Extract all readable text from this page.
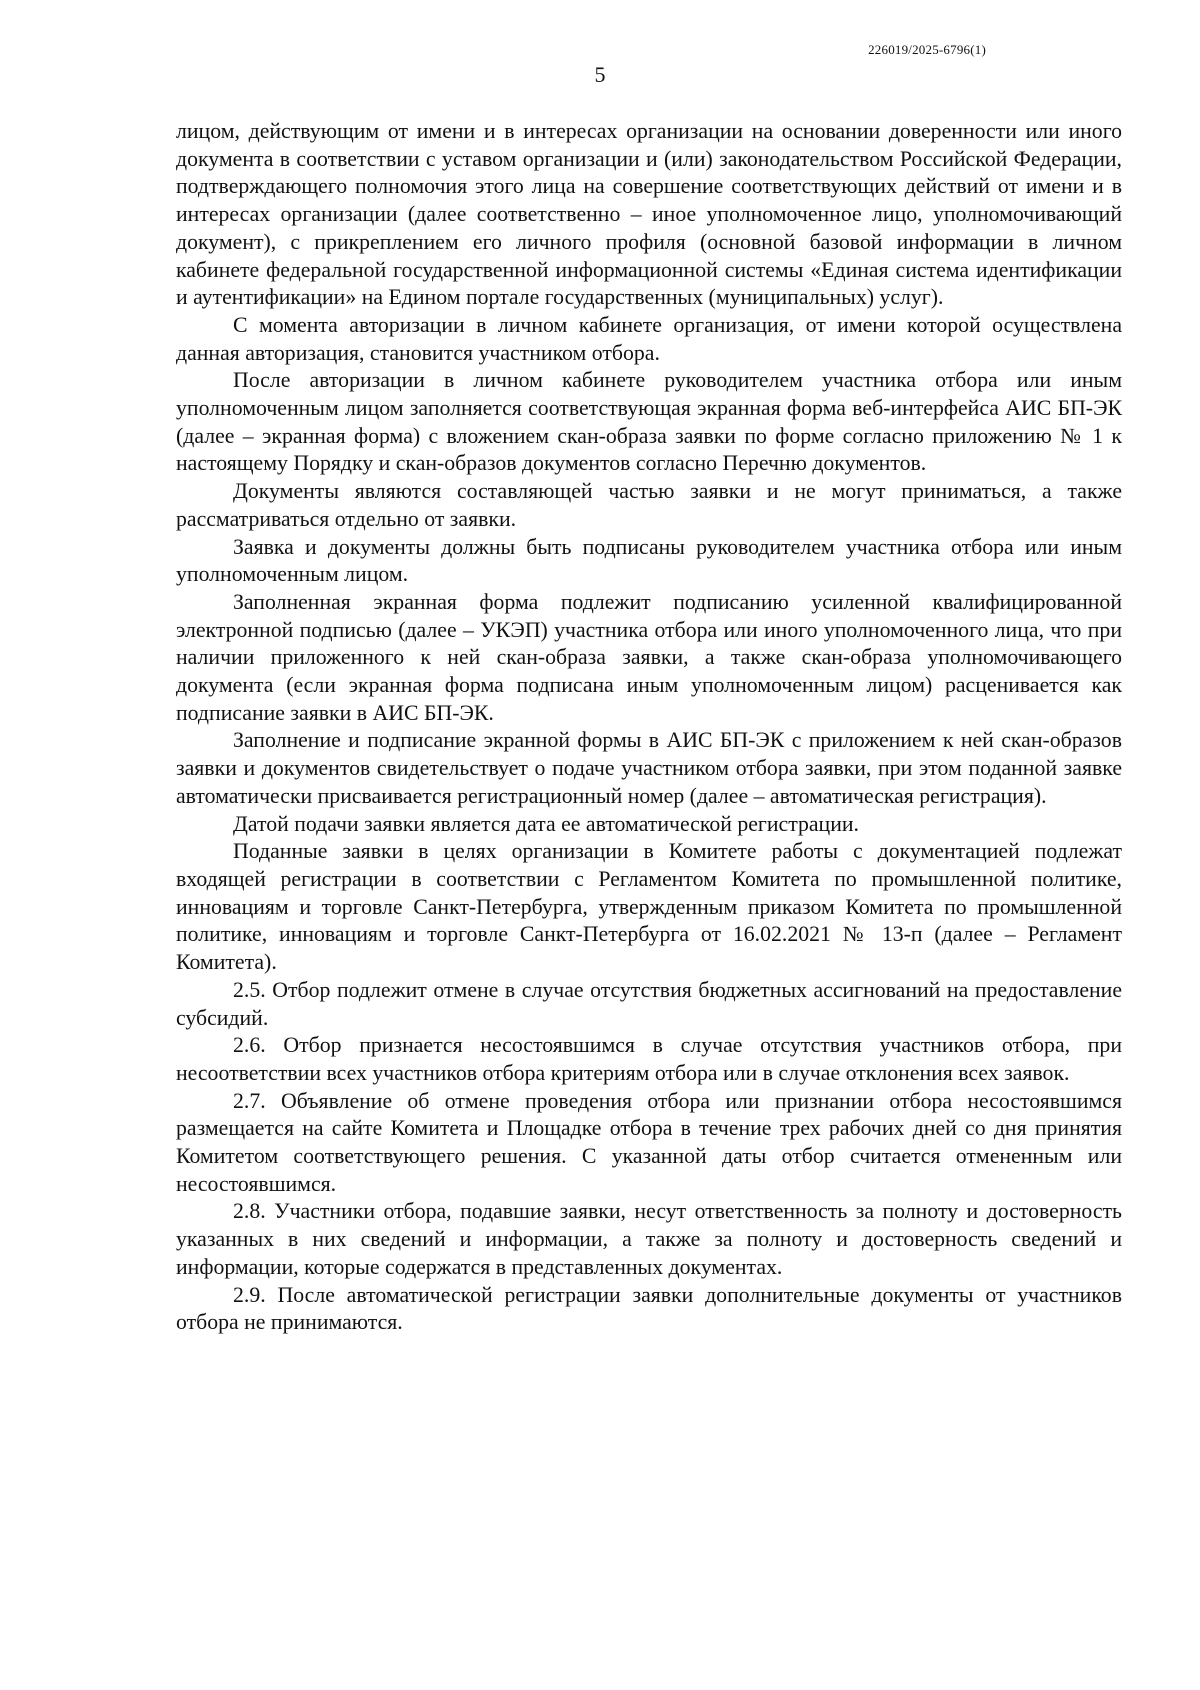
226019/2025-6796(1)
5

лицом, действующим от имени и в интересах организации на основании доверенности или иного документа в соответствии с уставом организации и (или) законодательством Российской Федерации, подтверждающего полномочия этого лица на совершение соответствующих действий от имени и в интересах организации (далее соответственно – иное уполномоченное лицо, уполномочивающий документ), с прикреплением его личного профиля (основной базовой информации в личном кабинете федеральной государственной информационной системы «Единая система идентификации и аутентификации» на Едином портале государственных (муниципальных) услуг).

С момента авторизации в личном кабинете организация, от имени которой осуществлена данная авторизация, становится участником отбора.

После авторизации в личном кабинете руководителем участника отбора или иным уполномоченным лицом заполняется соответствующая экранная форма веб-интерфейса АИС БП-ЭК (далее – экранная форма) с вложением скан-образа заявки по форме согласно приложению № 1 к настоящему Порядку и скан-образов документов согласно Перечню документов.

Документы являются составляющей частью заявки и не могут приниматься, а также рассматриваться отдельно от заявки.

Заявка и документы должны быть подписаны руководителем участника отбора или иным уполномоченным лицом.

Заполненная экранная форма подлежит подписанию усиленной квалифицированной электронной подписью (далее – УКЭП) участника отбора или иного уполномоченного лица, что при наличии приложенного к ней скан-образа заявки, а также скан-образа уполномочивающего документа (если экранная форма подписана иным уполномоченным лицом) расценивается как подписание заявки в АИС БП-ЭК.

Заполнение и подписание экранной формы в АИС БП-ЭК с приложением к ней скан-образов заявки и документов свидетельствует о подаче участником отбора заявки, при этом поданной заявке автоматически присваивается регистрационный номер (далее – автоматическая регистрация).

Датой подачи заявки является дата ее автоматической регистрации.

Поданные заявки в целях организации в Комитете работы с документацией подлежат входящей регистрации в соответствии с Регламентом Комитета по промышленной политике, инновациям и торговле Санкт-Петербурга, утвержденным приказом Комитета по промышленной политике, инновациям и торговле Санкт-Петербурга от 16.02.2021 № 13-п (далее – Регламент Комитета).

2.5. Отбор подлежит отмене в случае отсутствия бюджетных ассигнований на предоставление субсидий.

2.6. Отбор признается несостоявшимся в случае отсутствия участников отбора, при несоответствии всех участников отбора критериям отбора или в случае отклонения всех заявок.

2.7. Объявление об отмене проведения отбора или признании отбора несостоявшимся размещается на сайте Комитета и Площадке отбора в течение трех рабочих дней со дня принятия Комитетом соответствующего решения. С указанной даты отбор считается отмененным или несостоявшимся.

2.8. Участники отбора, подавшие заявки, несут ответственность за полноту и достоверность указанных в них сведений и информации, а также за полноту и достоверность сведений и информации, которые содержатся в представленных документах.

2.9. После автоматической регистрации заявки дополнительные документы от участников отбора не принимаются.
